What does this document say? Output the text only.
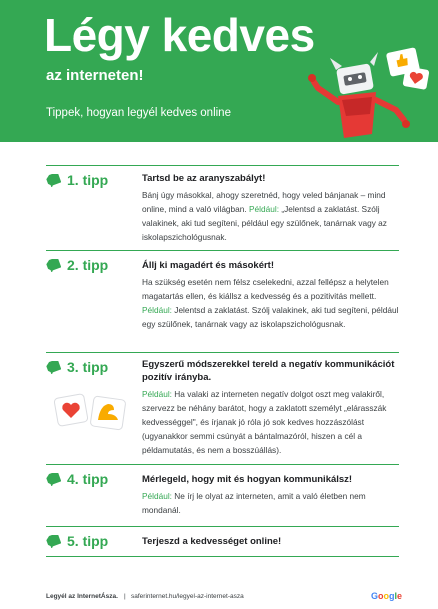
Légy kedves
az interneten!
Tippek, hogyan legyél kedves online
1. tipp	Tartsd be az aranyszabályt!
Bánj úgy másokkal, ahogy szeretnéd, hogy veled bánjanak – mind online, mind a való világban. Például: „Jelentsd a zaklatást. Szólj valakinek, aki tud segíteni, például egy szülőnek, tanárnak vagy az iskolapszichológusnak.
2. tipp	Állj ki magadért és másokért!
Ha szükség esetén nem félsz cselekedni, azzal fellépsz a helytelen magatartás ellen, és kiállsz a kedvesség és a pozitivitás mellett. Például: Jelentsd a zaklatást. Szólj valakinek, aki tud segíteni, például egy szülőnek, tanárnak vagy az iskolapszichológusnak.
3. tipp	Egyszerű módszerekkel tereld a negatív kommunikációt pozitív irányba.
Például: Ha valaki az interneten negatív dolgot oszt meg valakiről, szervezz be néhány barátot, hogy a zaklatott személyt „elárasszák kedvességgel", és írjanak jó róla jó sok kedves hozzászólást (ugyanakkor semmi csúnyát a bántalmazóról, hiszen a cél a példamutatás, és nem a bosszúállás).
4. tipp	Mérlegeld, hogy mit és hogyan kommunikálsz!
Például: Ne írj le olyat az interneten, amit a való életben nem mondanál.
5. tipp	Terjeszd a kedvességet online!
Legyél az InternetÁsza. | saferinternet.hu/legyel-az-internet-asza	Google
